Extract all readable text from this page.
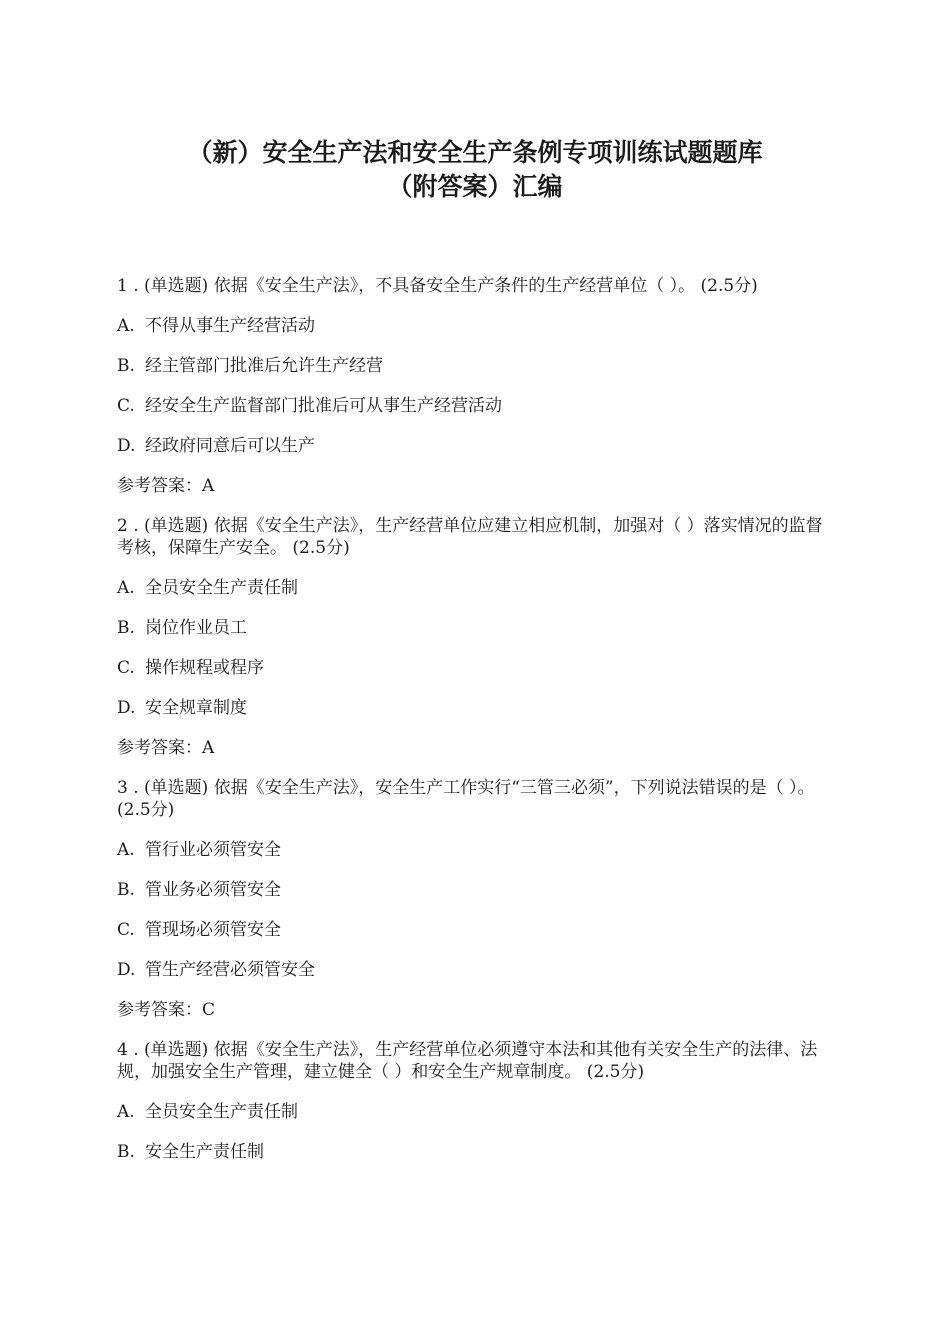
（新）安全生产法和安全生产条例专项训练试题题库
（附答案）汇编
1 . (单选题) 依据《安全生产法》，不具备安全生产条件的生产经营单位（ ）。 (2.5分)
A. 不得从事生产经营活动
B. 经主管部门批准后允许生产经营
C. 经安全生产监督部门批准后可从事生产经营活动
D. 经政府同意后可以生产
参考答案：A
2 . (单选题) 依据《安全生产法》，生产经营单位应建立相应机制，加强对（ ）落实情况的监督考核，保障生产安全。 (2.5分)
A. 全员安全生产责任制
B. 岗位作业员工
C. 操作规程或程序
D. 安全规章制度
参考答案：A
3 . (单选题) 依据《安全生产法》，安全生产工作实行“三管三必须”，下列说法错误的是（ ）。 (2.5分)
A. 管行业必须管安全
B. 管业务必须管安全
C. 管现场必须管安全
D. 管生产经营必须管安全
参考答案：C
4 . (单选题) 依据《安全生产法》，生产经营单位必须遵守本法和其他有关安全生产的法律、法规，加强安全生产管理，建立健全（ ）和安全生产规章制度。 (2.5分)
A. 全员安全生产责任制
B. 安全生产责任制
